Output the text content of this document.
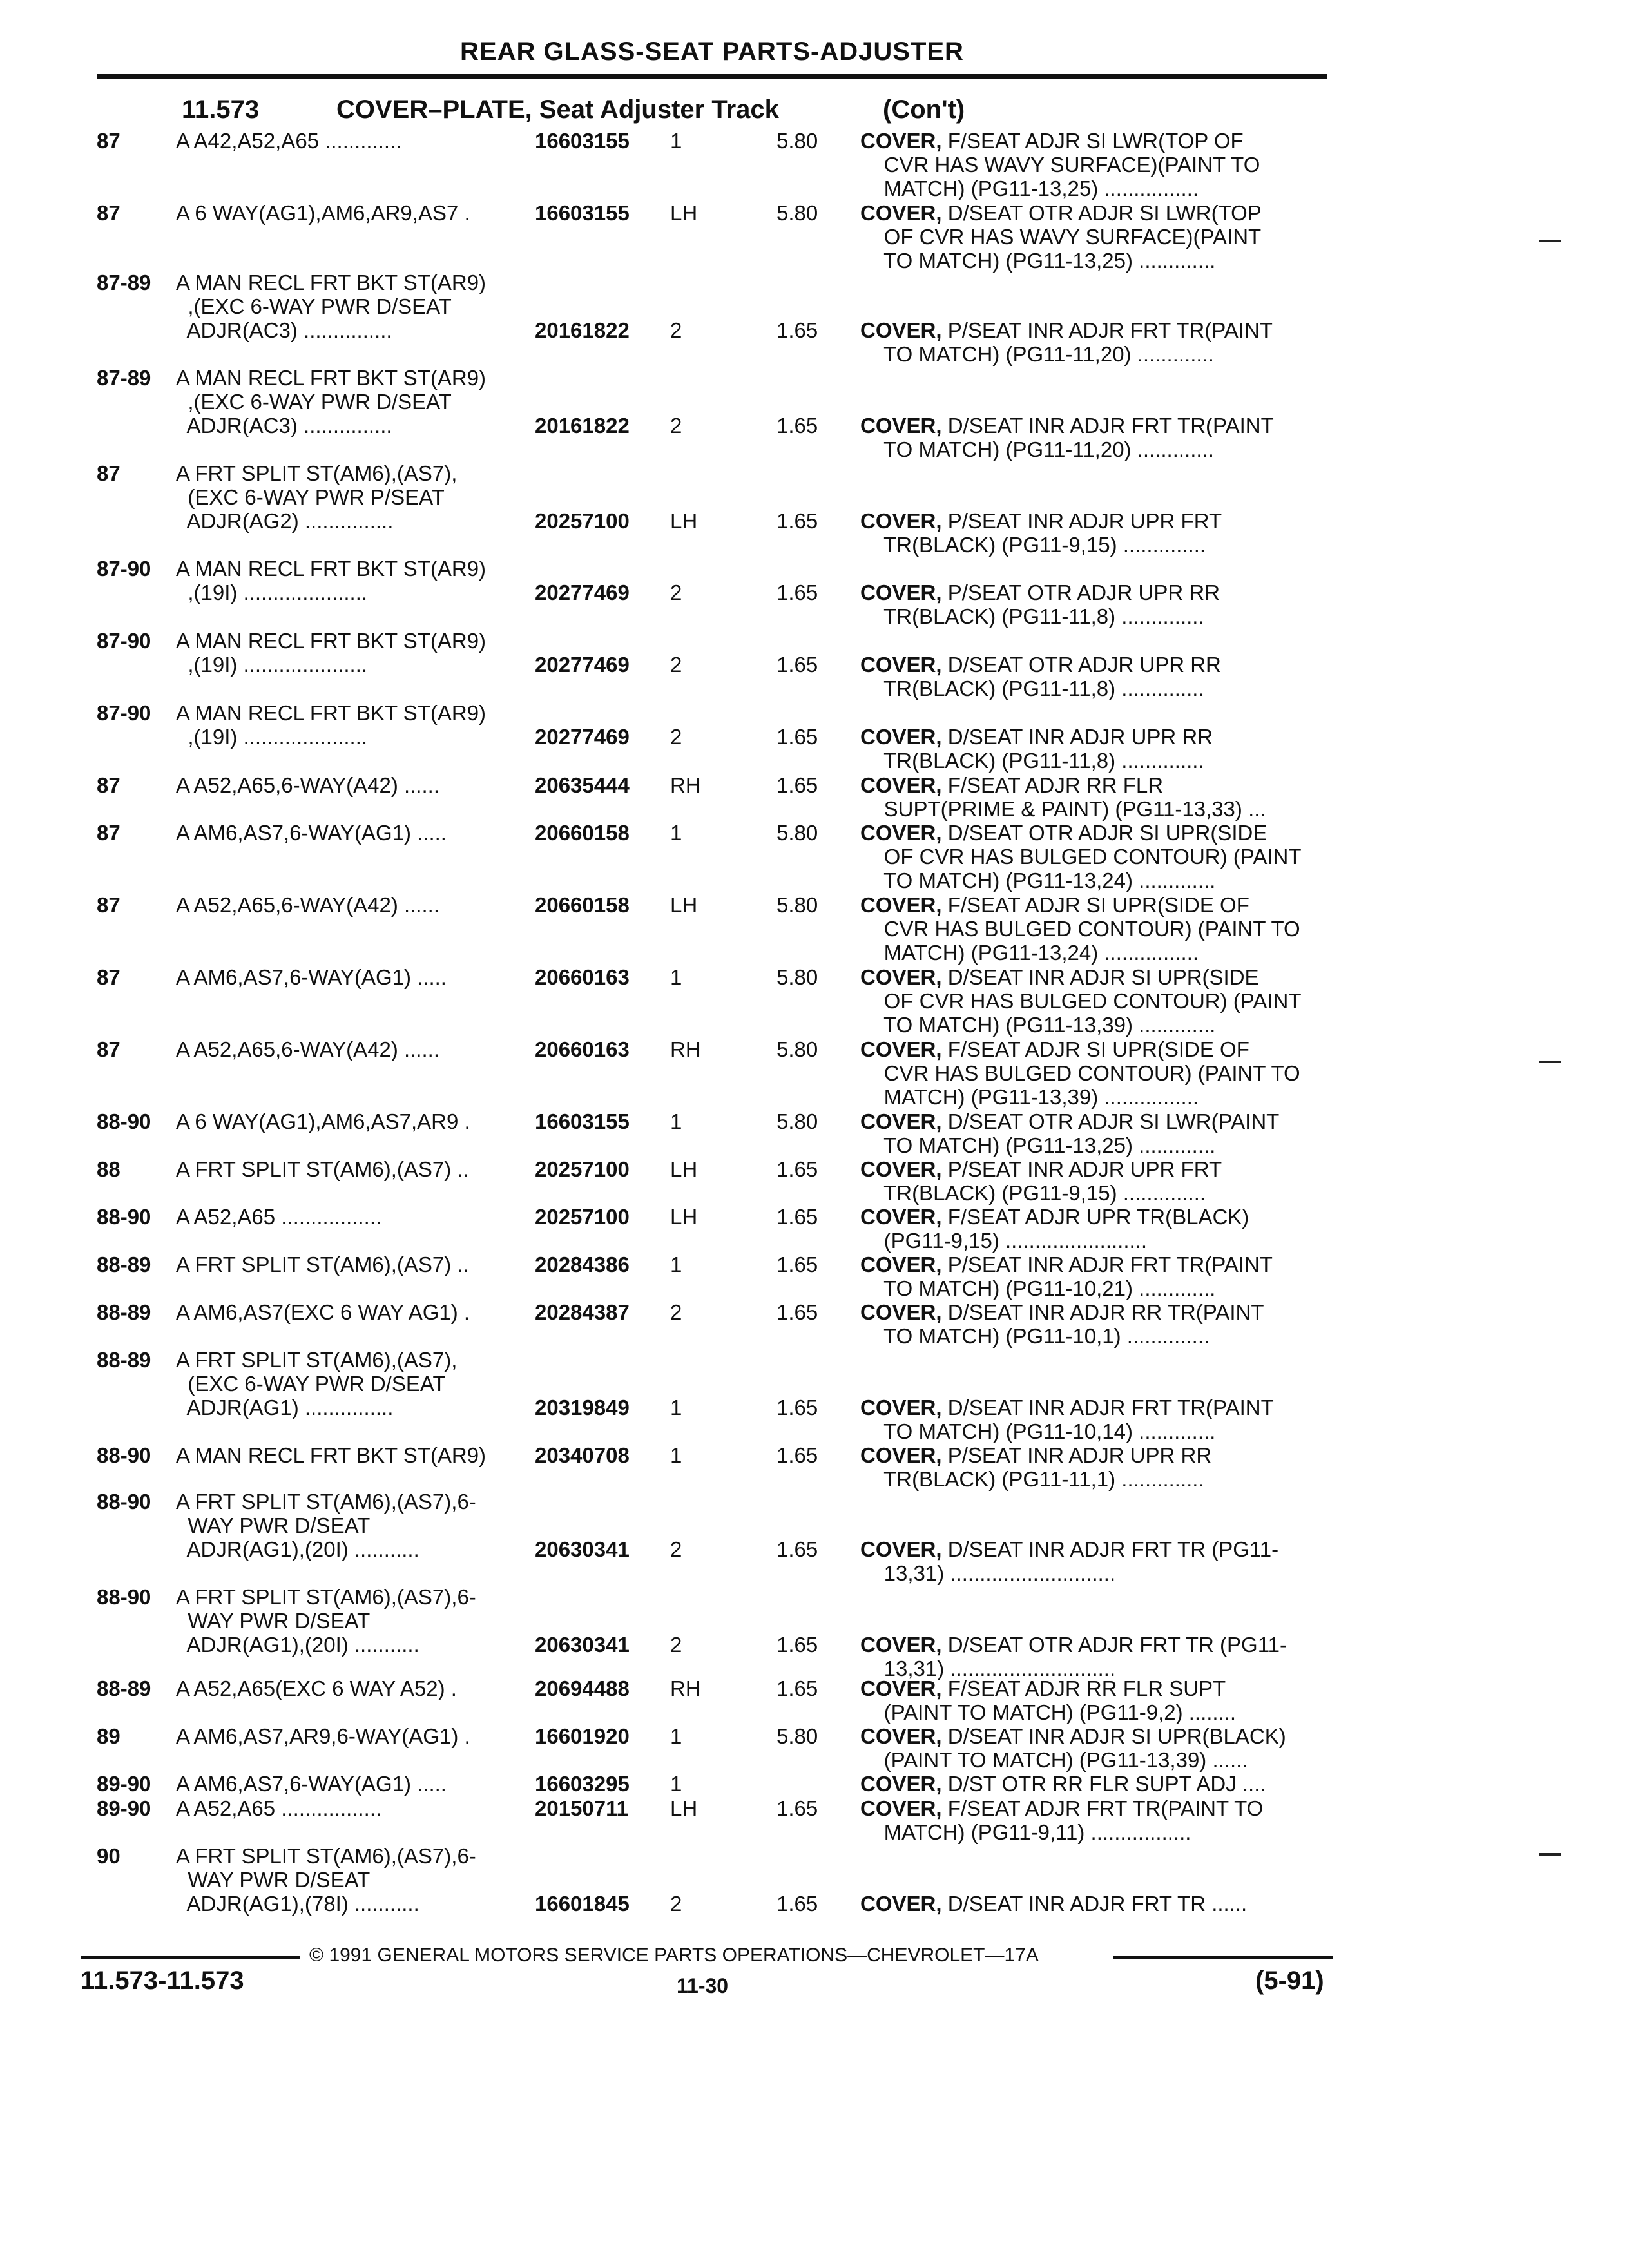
REAR GLASS-SEAT PARTS-ADJUSTER
11.573	COVER–PLATE, Seat Adjuster Track	(Con't)
87	A A42,A52,A65 .............	16603155 1	5.80 COVER, F/SEAT ADJR SI LWR(TOP OF
CVR HAS WAVY SURFACE)(PAINT TO
MATCH) (PG11-13,25) ................
87	A 6 WAY(AG1),AM6,AR9,AS7 .	16603155 LH	5.80 COVER, D/SEAT OTR ADJR SI LWR(TOP
OF CVR HAS WAVY SURFACE)(PAINT
TO MATCH) (PG11-13,25) .............
87-89 A MAN RECL FRT BKT ST(AR9)
,(EXC 6-WAY PWR D/SEAT
ADJR(AC3) ...............	20161822 2	1.65 COVER, P/SEAT INR ADJR FRT TR(PAINT
TO MATCH) (PG11-11,20) .............
87-89 A MAN RECL FRT BKT ST(AR9)
,(EXC 6-WAY PWR D/SEAT
ADJR(AC3) ...............	20161822 2	1.65 COVER, D/SEAT INR ADJR FRT TR(PAINT
TO MATCH) (PG11-11,20) .............
87	A FRT SPLIT ST(AM6),(AS7),
(EXC 6-WAY PWR P/SEAT
ADJR(AG2) ...............	20257100 LH	1.65 COVER, P/SEAT INR ADJR UPR FRT
TR(BLACK) (PG11-9,15) ..............
87-90 A MAN RECL FRT BKT ST(AR9)
,(19I) .....................	20277469 2	1.65 COVER, P/SEAT OTR ADJR UPR RR
TR(BLACK) (PG11-11,8) ..............
87-90 A MAN RECL FRT BKT ST(AR9)
,(19I) .....................	20277469 2	1.65 COVER, D/SEAT OTR ADJR UPR RR
TR(BLACK) (PG11-11,8) ..............
87-90 A MAN RECL FRT BKT ST(AR9)
,(19I) .....................	20277469 2	1.65 COVER, D/SEAT INR ADJR UPR RR
TR(BLACK) (PG11-11,8) ..............
87	A A52,A65,6-WAY(A42) ......	20635444 RH	1.65 COVER, F/SEAT ADJR RR FLR
SUPT(PRIME & PAINT) (PG11-13,33) ...
87	A AM6,AS7,6-WAY(AG1) .....	20660158 1	5.80 COVER, D/SEAT OTR ADJR SI UPR(SIDE
OF CVR HAS BULGED CONTOUR) (PAINT
TO MATCH) (PG11-13,24) .............
87	A A52,A65,6-WAY(A42) ......	20660158 LH	5.80 COVER, F/SEAT ADJR SI UPR(SIDE OF
CVR HAS BULGED CONTOUR) (PAINT TO
MATCH) (PG11-13,24) ................
87	A AM6,AS7,6-WAY(AG1) .....	20660163 1	5.80 COVER, D/SEAT INR ADJR SI UPR(SIDE
OF CVR HAS BULGED CONTOUR) (PAINT
TO MATCH) (PG11-13,39) .............
87	A A52,A65,6-WAY(A42) ......	20660163 RH	5.80 COVER, F/SEAT ADJR SI UPR(SIDE OF
CVR HAS BULGED CONTOUR) (PAINT TO
MATCH) (PG11-13,39) ................
88-90 A 6 WAY(AG1),AM6,AS7,AR9 .	16603155 1	5.80 COVER, D/SEAT OTR ADJR SI LWR(PAINT
TO MATCH) (PG11-13,25) .............
88	A FRT SPLIT ST(AM6),(AS7) ..	20257100 LH	1.65 COVER, P/SEAT INR ADJR UPR FRT
TR(BLACK) (PG11-9,15) ..............
88-90 A A52,A65 .................	20257100 LH	1.65 COVER, F/SEAT ADJR UPR TR(BLACK)
(PG11-9,15) ........................
88-89 A FRT SPLIT ST(AM6),(AS7) ..	20284386 1	1.65 COVER, P/SEAT INR ADJR FRT TR(PAINT
TO MATCH) (PG11-10,21) .............
88-89 A AM6,AS7(EXC 6 WAY AG1) .	20284387 2	1.65 COVER, D/SEAT INR ADJR RR TR(PAINT
TO MATCH) (PG11-10,1) ..............
88-89 A FRT SPLIT ST(AM6),(AS7),
(EXC 6-WAY PWR D/SEAT
ADJR(AG1) ...............	20319849 1	1.65 COVER, D/SEAT INR ADJR FRT TR(PAINT
TO MATCH) (PG11-10,14) .............
88-90 A MAN RECL FRT BKT ST(AR9)	20340708 1	1.65 COVER, P/SEAT INR ADJR UPR RR
TR(BLACK) (PG11-11,1) ..............
88-90 A FRT SPLIT ST(AM6),(AS7),6-
WAY PWR D/SEAT
ADJR(AG1),(20I) ...........	20630341 2	1.65 COVER, D/SEAT INR ADJR FRT TR (PG11-
13,31) ............................
88-90 A FRT SPLIT ST(AM6),(AS7),6-
WAY PWR D/SEAT
ADJR(AG1),(20I) ...........	20630341 2	1.65 COVER, D/SEAT OTR ADJR FRT TR (PG11-
13,31) ............................
88-89 A A52,A65(EXC 6 WAY A52) .	20694488 RH	1.65 COVER, F/SEAT ADJR RR FLR SUPT
(PAINT TO MATCH) (PG11-9,2) ........
89	A AM6,AS7,AR9,6-WAY(AG1) .	16601920 1	5.80 COVER, D/SEAT INR ADJR SI UPR(BLACK)
(PAINT TO MATCH) (PG11-13,39) ......
89-90 A AM6,AS7,6-WAY(AG1) .....	16603295 1	COVER, D/ST OTR RR FLR SUPT ADJ ....
89-90 A A52,A65 .................	20150711 LH	1.65 COVER, F/SEAT ADJR FRT TR(PAINT TO
MATCH) (PG11-9,11) .................
90	A FRT SPLIT ST(AM6),(AS7),6-
WAY PWR D/SEAT
ADJR(AG1),(78I) ...........	16601845 2	1.65 COVER, D/SEAT INR ADJR FRT TR ......
© 1991 GENERAL MOTORS SERVICE PARTS OPERATIONS—CHEVROLET—17A
11.573-11.573	11-30	(5-91)
